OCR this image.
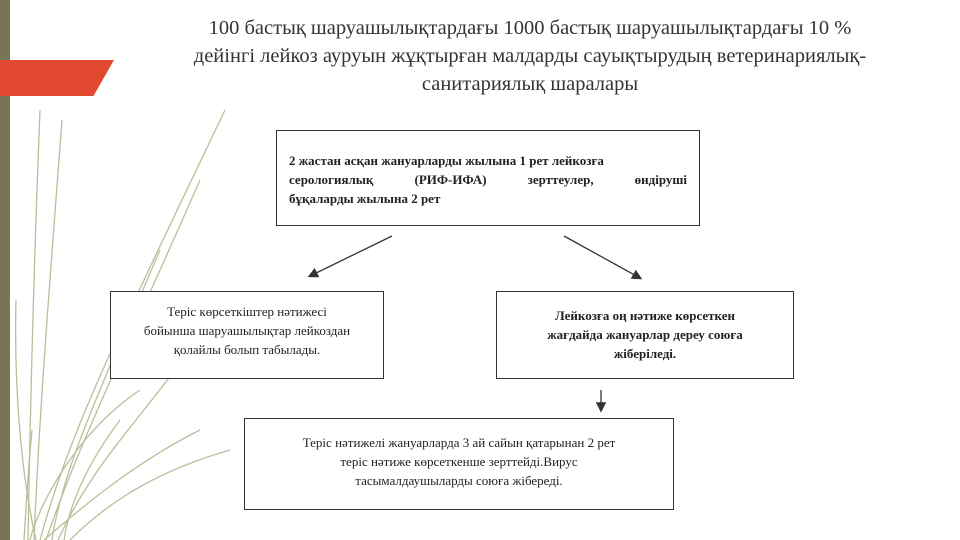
100 бастық шаруашылықтардағы 1000 бастық шаруашылықтардағы 10 %
дейінгі лейкоз ауруын жұқтырған малдарды сауықтырудың ветеринариялық-
санитариялық шаралары
2 жастан асқан жануарларды жылына 1 рет лейкозға
серологиялық (РИФ-ИФА) зерттеулер, өндіруші
бұқаларды жылына 2 рет
Теріс көрсеткіштер нәтижесі
бойынша шаруашылықтар лейкоздан
қолайлы болып табылады.
Лейкозға оң нәтиже көрсеткен
жағдайда жануарлар дереу союға
жіберіледі.
Теріс нәтижелі жануарларда 3 ай сайын қатарынан 2 рет
теріс нәтиже көрсеткенше зерттейді.Вирус
тасымалдаушыларды союға жібереді.
